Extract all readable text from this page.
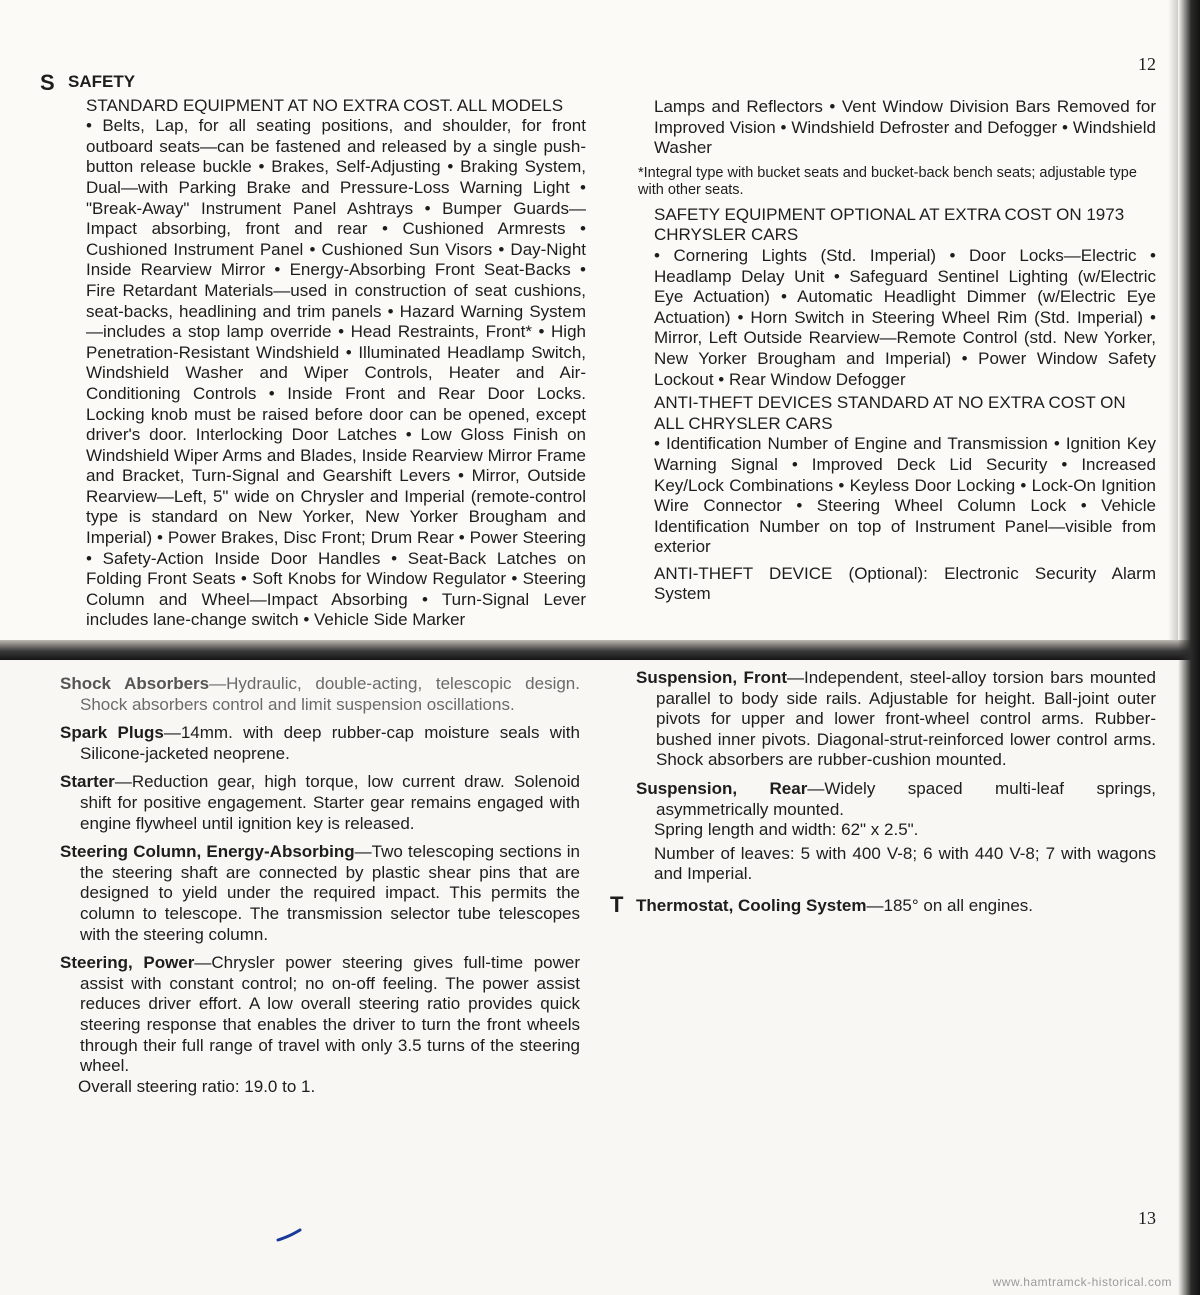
12
S SAFETY

STANDARD EQUIPMENT AT NO EXTRA COST. ALL MODELS

• Belts, Lap, for all seating positions, and shoulder, for front outboard seats—can be fastened and released by a single push-button release buckle • Brakes, Self-Adjusting • Braking System, Dual—with Parking Brake and Pressure-Loss Warning Light • "Break-Away" Instrument Panel Ashtrays • Bumper Guards—Impact absorbing, front and rear • Cushioned Armrests • Cushioned Instrument Panel • Cushioned Sun Visors • Day-Night Inside Rearview Mirror • Energy-Absorbing Front Seat-Backs • Fire Retardant Materials—used in construction of seat cushions, seat-backs, headlining and trim panels • Hazard Warning System —includes a stop lamp override • Head Restraints, Front* • High Penetration-Resistant Windshield • Illuminated Headlamp Switch, Windshield Washer and Wiper Controls, Heater and Air-Conditioning Controls • Inside Front and Rear Door Locks. Locking knob must be raised before door can be opened, except driver's door. Interlocking Door Latches • Low Gloss Finish on Windshield Wiper Arms and Blades, Inside Rearview Mirror Frame and Bracket, Turn-Signal and Gearshift Levers • Mirror, Outside Rearview—Left, 5" wide on Chrysler and Imperial (remote-control type is standard on New Yorker, New Yorker Brougham and Imperial) • Power Brakes, Disc Front; Drum Rear • Power Steering • Safety-Action Inside Door Handles • Seat-Back Latches on Folding Front Seats • Soft Knobs for Window Regulator • Steering Column and Wheel—Impact Absorbing • Turn-Signal Lever includes lane-change switch • Vehicle Side Marker

Lamps and Reflectors • Vent Window Division Bars Removed for Improved Vision • Windshield Defroster and Defogger • Windshield Washer

*Integral type with bucket seats and bucket-back bench seats; adjustable type with other seats.

SAFETY EQUIPMENT OPTIONAL AT EXTRA COST ON 1973 CHRYSLER CARS

• Cornering Lights (Std. Imperial) • Door Locks—Electric • Headlamp Delay Unit • Safeguard Sentinel Lighting (w/Electric Eye Actuation) • Automatic Headlight Dimmer (w/Electric Eye Actuation) • Horn Switch in Steering Wheel Rim (Std. Imperial) • Mirror, Left Outside Rearview—Remote Control (std. New Yorker, New Yorker Brougham and Imperial) • Power Window Safety Lockout • Rear Window Defogger

ANTI-THEFT DEVICES STANDARD AT NO EXTRA COST ON ALL CHRYSLER CARS

• Identification Number of Engine and Transmission • Ignition Key Warning Signal • Improved Deck Lid Security • Increased Key/Lock Combinations • Keyless Door Locking • Lock-On Ignition Wire Connector • Steering Wheel Column Lock • Vehicle Identification Number on top of Instrument Panel—visible from exterior

ANTI-THEFT DEVICE (Optional): Electronic Security Alarm System

Shock Absorbers—Hydraulic, double-acting, telescopic design. Shock absorbers control and limit suspension oscillations.

Spark Plugs—14mm. with deep rubber-cap moisture seals with Silicone-jacketed neoprene.

Starter—Reduction gear, high torque, low current draw. Solenoid shift for positive engagement. Starter gear remains engaged with engine flywheel until ignition key is released.

Steering Column, Energy-Absorbing—Two telescoping sections in the steering shaft are connected by plastic shear pins that are designed to yield under the required impact. This permits the column to telescope. The transmission selector tube telescopes with the steering column.

Steering, Power—Chrysler power steering gives full-time power assist with constant control; no on-off feeling. The power assist reduces driver effort. A low overall steering ratio provides quick steering response that enables the driver to turn the front wheels through their full range of travel with only 3.5 turns of the steering wheel.

Overall steering ratio: 19.0 to 1.

Suspension, Front—Independent, steel-alloy torsion bars mounted parallel to body side rails. Adjustable for height. Ball-joint outer pivots for upper and lower front-wheel control arms. Rubber-bushed inner pivots. Diagonal-strut-reinforced lower control arms. Shock absorbers are rubber-cushion mounted.

Suspension, Rear—Widely spaced multi-leaf springs, asymmetrically mounted.

Spring length and width: 62" x 2.5".

Number of leaves: 5 with 400 V-8; 6 with 440 V-8; 7 with wagons and Imperial.

T Thermostat, Cooling System—185° on all engines.

13
www.hamtramck-historical.com
